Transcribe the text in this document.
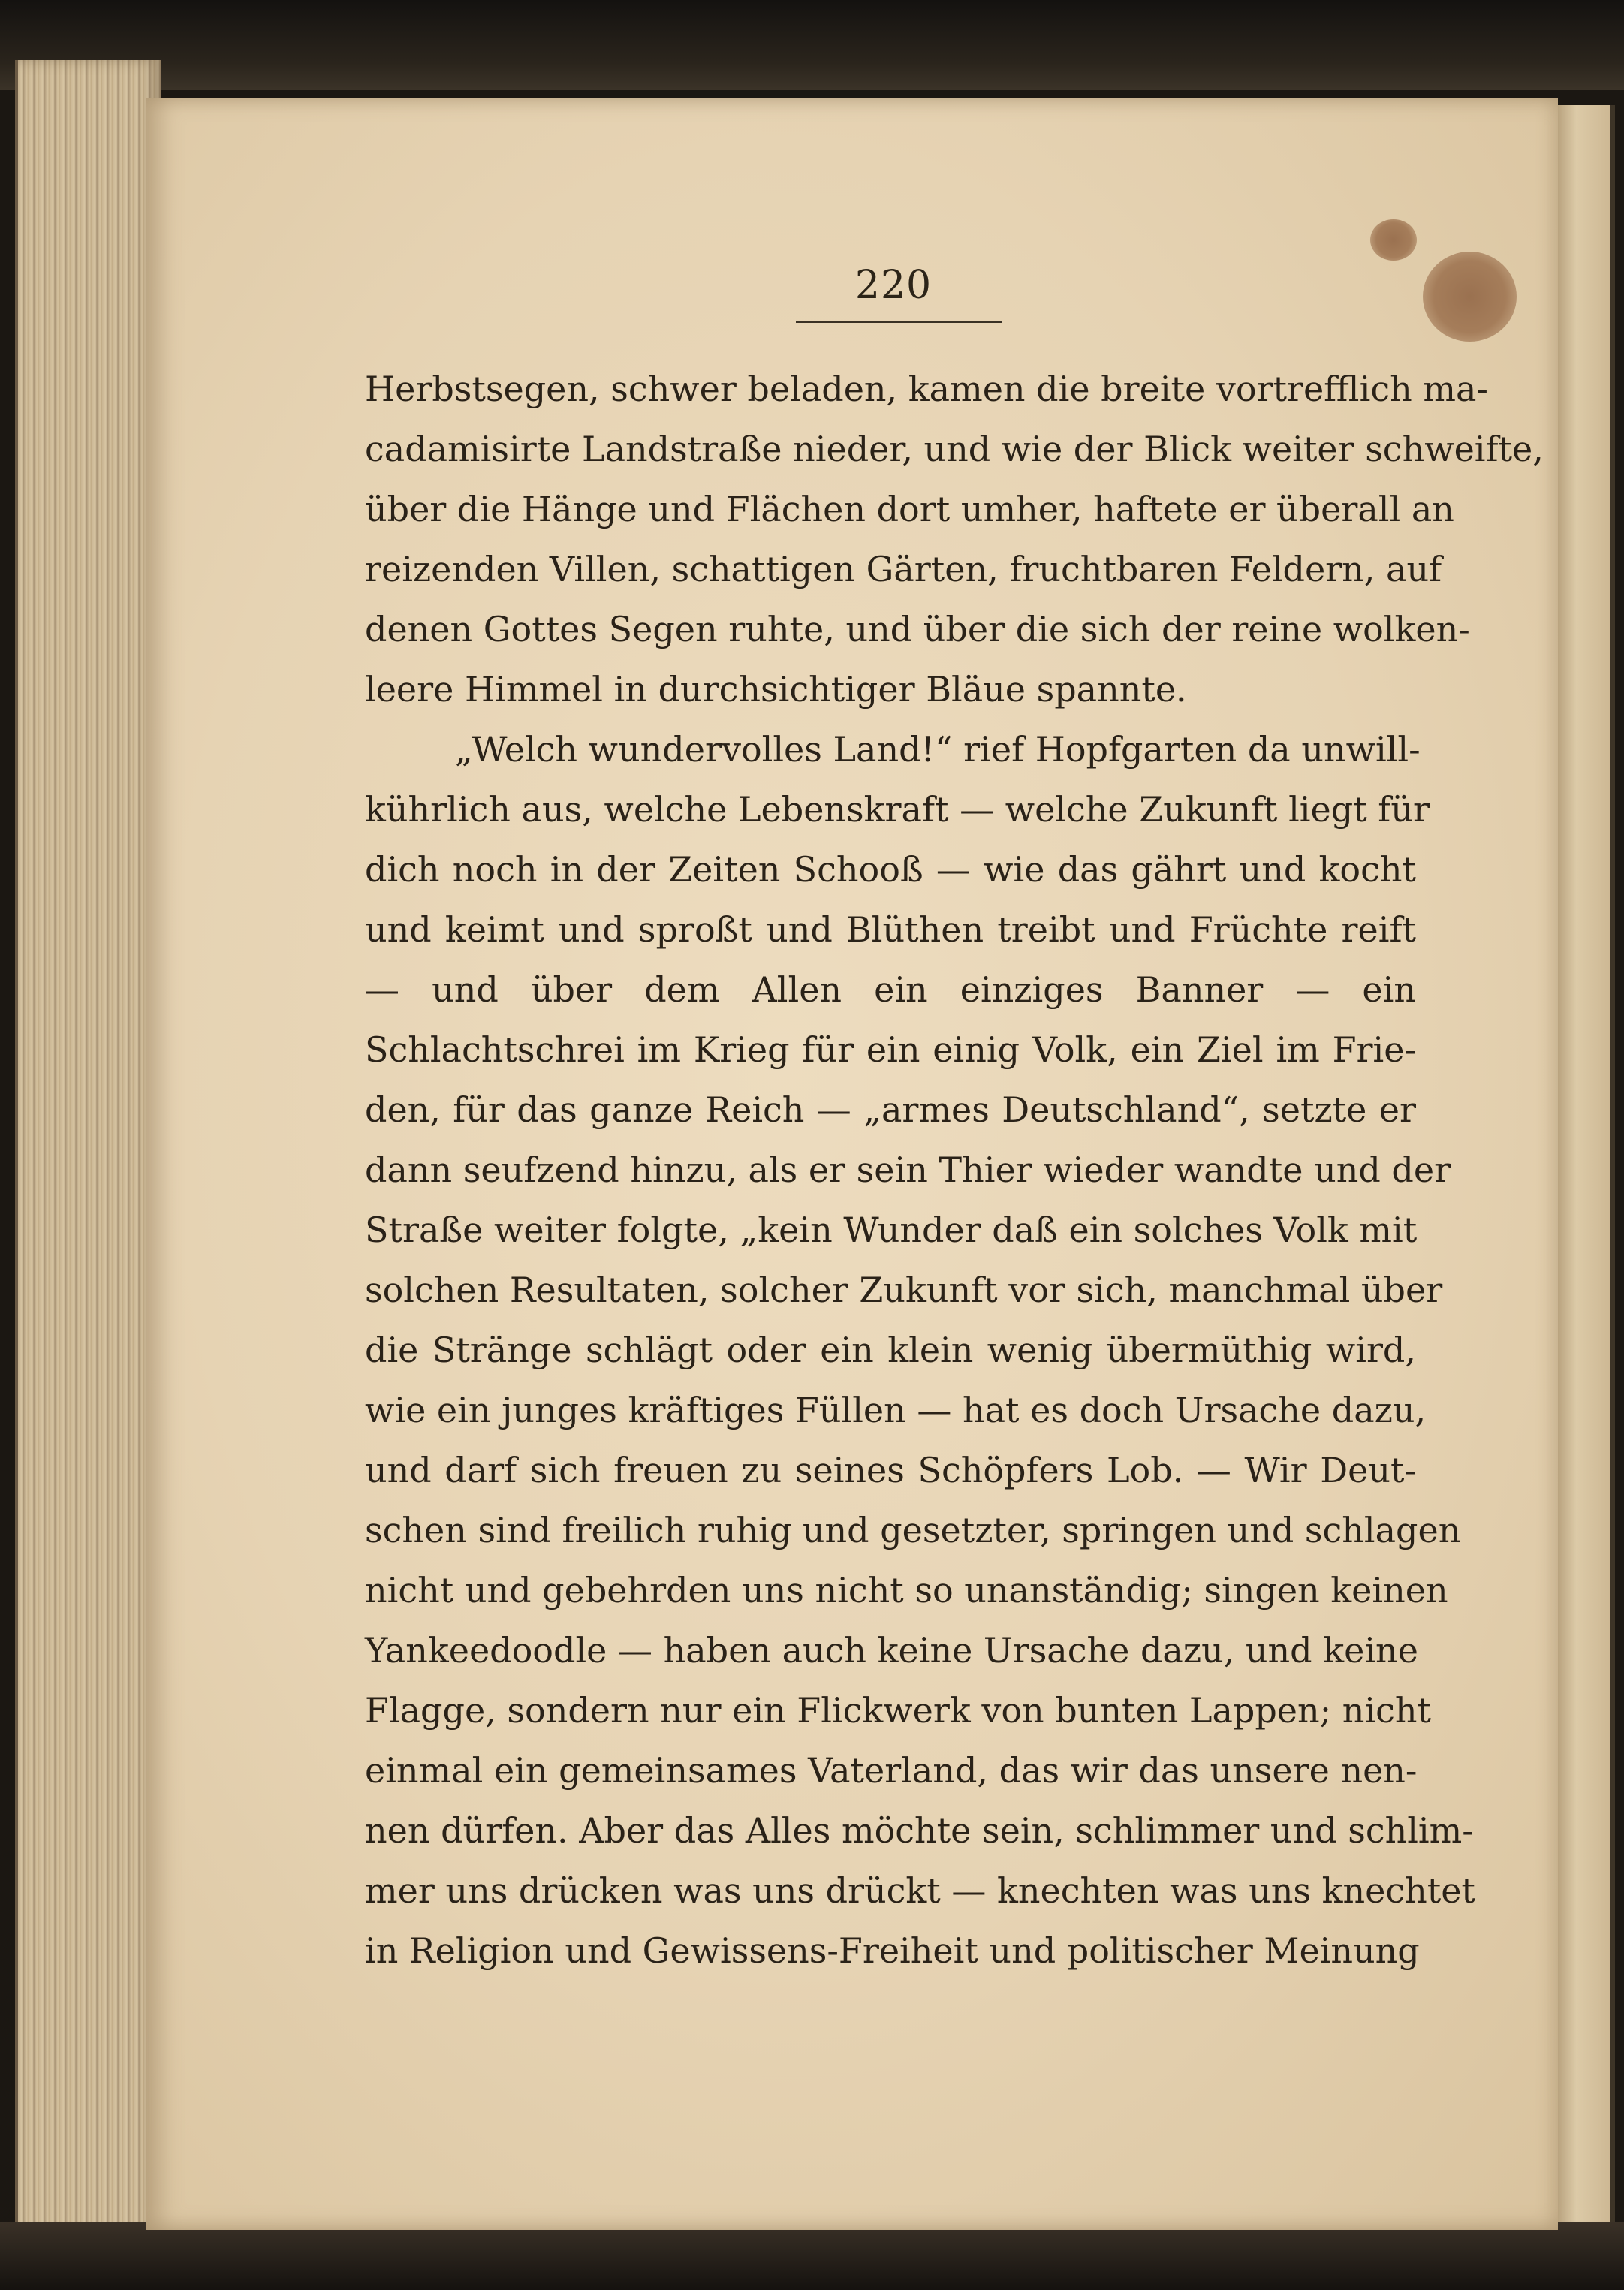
220
Herbstsegen, schwer beladen, kamen die breite vortrefflich ma-
cadamisirte Landstraße nieder, und wie der Blick weiter schweifte,
über die Hänge und Flächen dort umher, haftete er überall an
reizenden Villen, schattigen Gärten, fruchtbaren Feldern, auf
denen Gottes Segen ruhte, und über die sich der reine wolken-
leere Himmel in durchsichtiger Bläue spannte.
„Welch wundervolles Land!“ rief Hopfgarten da unwill-
kührlich aus, welche Lebenskraft — welche Zukunft liegt für
dich noch in der Zeiten Schooß — wie das gährt und kocht
und keimt und sproßt und Blüthen treibt und Früchte reift
— und über dem Allen ein einziges Banner — ein
Schlachtschrei im Krieg für ein einig Volk, ein Ziel im Frie-
den, für das ganze Reich — „armes Deutschland“, setzte er
dann seufzend hinzu, als er sein Thier wieder wandte und der
Straße weiter folgte, „kein Wunder daß ein solches Volk mit
solchen Resultaten, solcher Zukunft vor sich, manchmal über
die Stränge schlägt oder ein klein wenig übermüthig wird,
wie ein junges kräftiges Füllen — hat es doch Ursache dazu,
und darf sich freuen zu seines Schöpfers Lob. — Wir Deut-
schen sind freilich ruhig und gesetzter, springen und schlagen
nicht und gebehrden uns nicht so unanständig; singen keinen
Yankeedoodle — haben auch keine Ursache dazu, und keine
Flagge, sondern nur ein Flickwerk von bunten Lappen; nicht
einmal ein gemeinsames Vaterland, das wir das unsere nen-
nen dürfen. Aber das Alles möchte sein, schlimmer und schlim-
mer uns drücken was uns drückt — knechten was uns knechtet
in Religion und Gewissens-Freiheit und politischer Meinung
